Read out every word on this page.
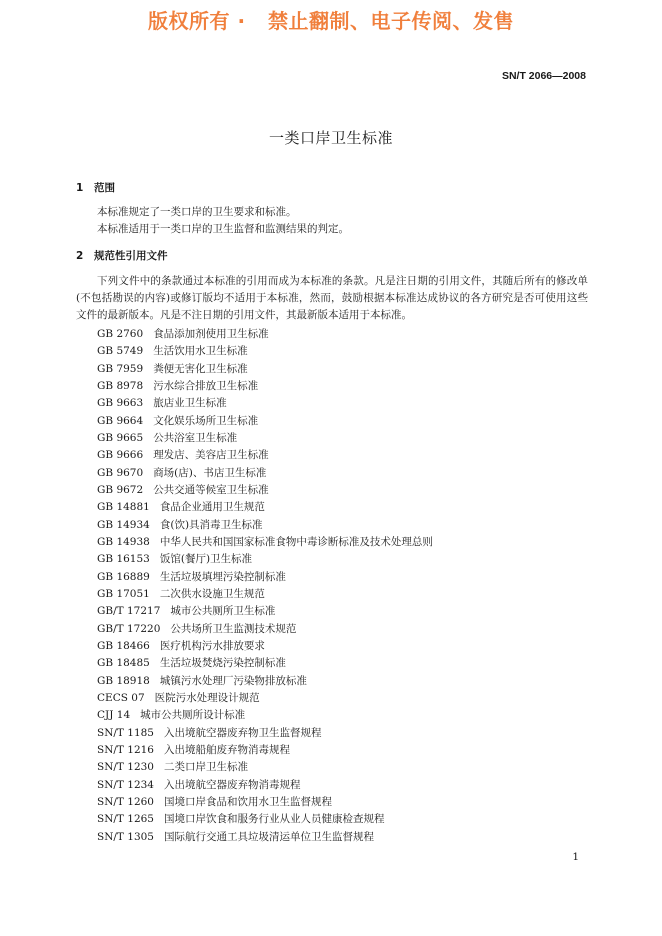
版权所有 ·   禁止翻制、电子传阅、发售
SN/T 2066—2008
一类口岸卫生标准
1 范围
本标准规定了一类口岸的卫生要求和标准。
本标准适用于一类口岸的卫生监督和监测结果的判定。
2 规范性引用文件
下列文件中的条款通过本标准的引用而成为本标准的条款。凡是注日期的引用文件，其随后所有的修改单(不包括勘误的内容)或修订版均不适用于本标准，然而，鼓励根据本标准达成协议的各方研究是否可使用这些文件的最新版本。凡是不注日期的引用文件，其最新版本适用于本标准。
GB 2760 食品添加剂使用卫生标准
GB 5749 生活饮用水卫生标准
GB 7959 粪便无害化卫生标准
GB 8978 污水综合排放卫生标准
GB 9663 旅店业卫生标准
GB 9664 文化娱乐场所卫生标准
GB 9665 公共浴室卫生标准
GB 9666 理发店、美容店卫生标准
GB 9670 商场(店)、书店卫生标准
GB 9672 公共交通等候室卫生标准
GB 14881 食品企业通用卫生规范
GB 14934 食(饮)具消毒卫生标准
GB 14938 中华人民共和国国家标准食物中毒诊断标准及技术处理总则
GB 16153 饭馆(餐厅)卫生标准
GB 16889 生活垃圾填埋污染控制标准
GB 17051 二次供水设施卫生规范
GB/T 17217 城市公共厕所卫生标准
GB/T 17220 公共场所卫生监测技术规范
GB 18466 医疗机构污水排放要求
GB 18485 生活垃圾焚烧污染控制标准
GB 18918 城镇污水处理厂污染物排放标准
CECS 07 医院污水处理设计规范
CJJ 14 城市公共厕所设计标准
SN/T 1185 入出境航空器废弃物卫生监督规程
SN/T 1216 入出境船舶废弃物消毒规程
SN/T 1230 二类口岸卫生标准
SN/T 1234 入出境航空器废弃物消毒规程
SN/T 1260 国境口岸食品和饮用水卫生监督规程
SN/T 1265 国境口岸饮食和服务行业从业人员健康检查规程
SN/T 1305 国际航行交通工具垃圾清运单位卫生监督规程
1
